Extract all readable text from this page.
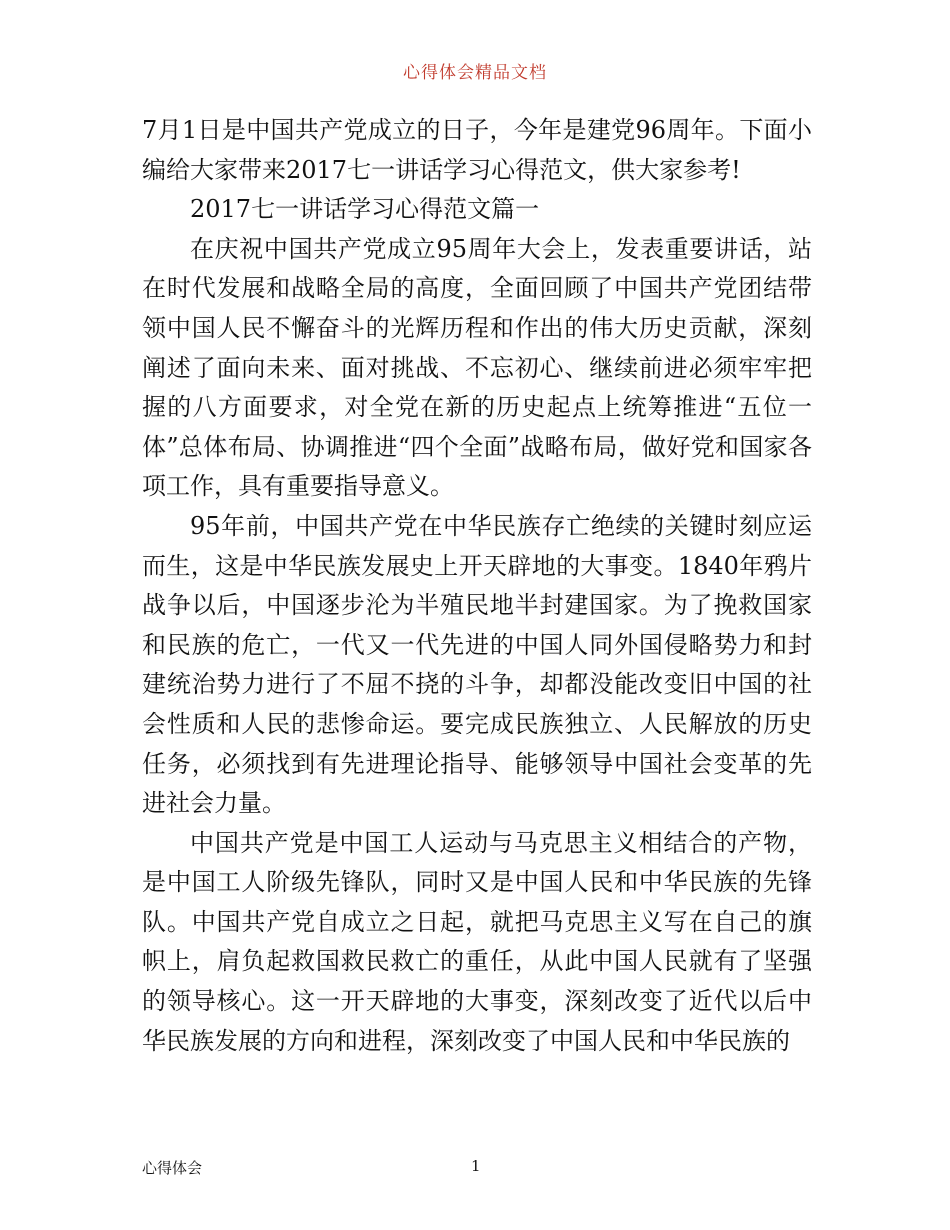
心得体会精品文档

7月1日是中国共产党成立的日子，今年是建党96周年。下面小编给大家带来2017七一讲话学习心得范文，供大家参考!

2017七一讲话学习心得范文篇一

在庆祝中国共产党成立95周年大会上，发表重要讲话，站在时代发展和战略全局的高度，全面回顾了中国共产党团结带领中国人民不懈奋斗的光辉历程和作出的伟大历史贡献，深刻阐述了面向未来、面对挑战、不忘初心、继续前进必须牢牢把握的八方面要求，对全党在新的历史起点上统筹推进“五位一体”总体布局、协调推进“四个全面”战略布局，做好党和国家各项工作，具有重要指导意义。

95年前，中国共产党在中华民族存亡绝续的关键时刻应运而生，这是中华民族发展史上开天辟地的大事变。1840年鸦片战争以后，中国逐步沦为半殖民地半封建国家。为了挽救国家和民族的危亡，一代又一代先进的中国人同外国侵略势力和封建统治势力进行了不屈不挠的斗争，却都没能改变旧中国的社会性质和人民的悲惨命运。要完成民族独立、人民解放的历史任务，必须找到有先进理论指导、能够领导中国社会变革的先进社会力量。

中国共产党是中国工人运动与马克思主义相结合的产物，是中国工人阶级先锋队，同时又是中国人民和中华民族的先锋队。中国共产党自成立之日起，就把马克思主义写在自己的旗帜上，肩负起救国救民救亡的重任，从此中国人民就有了坚强的领导核心。这一开天辟地的大事变，深刻改变了近代以后中华民族发展的方向和进程，深刻改变了中国人民和中华民族的

心得体会	1
